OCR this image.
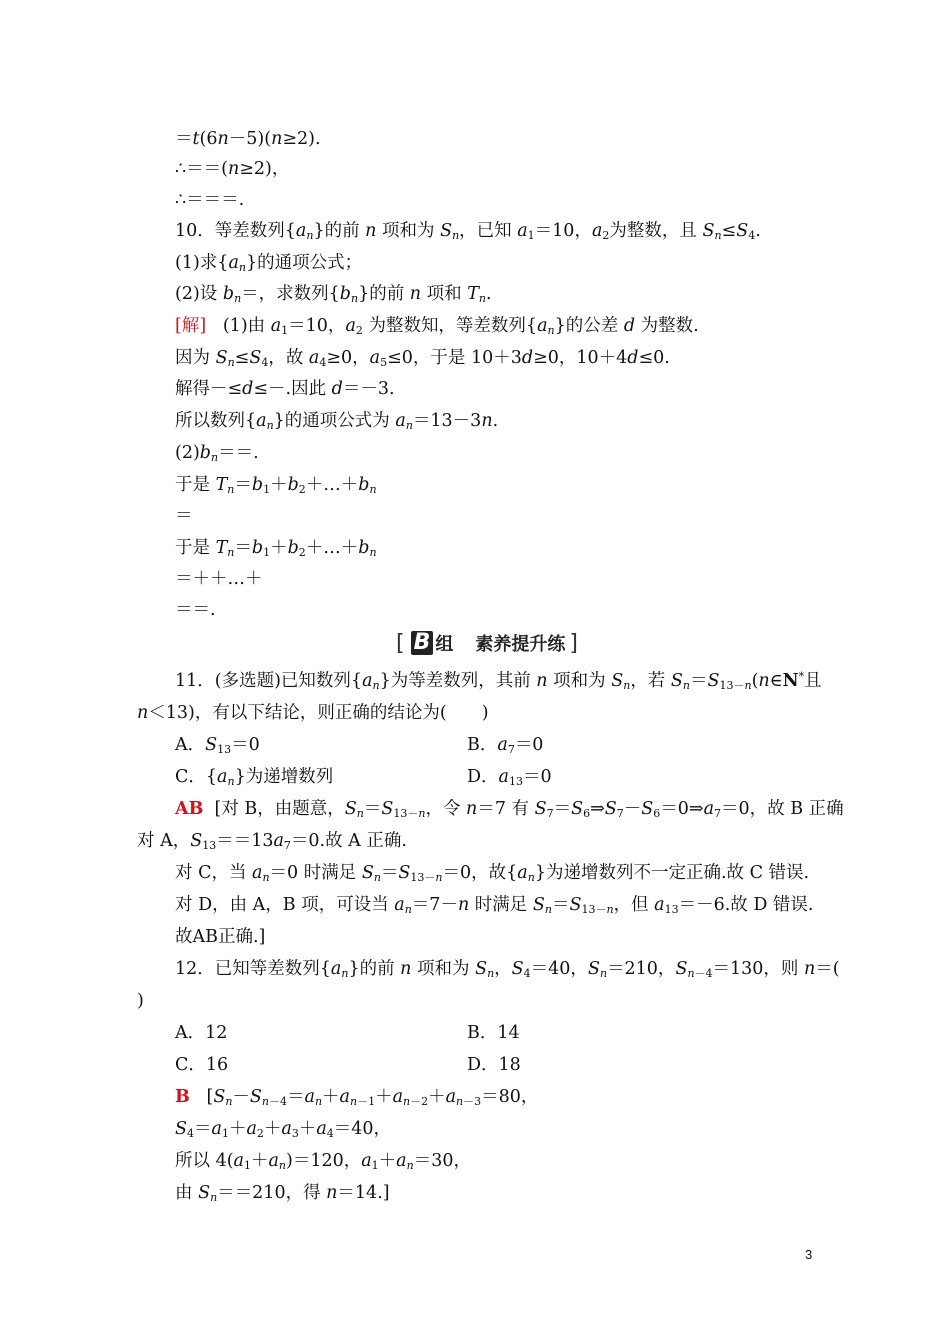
＝t(6n－5)(n≥2).
∴＝＝(n≥2)，
∴＝＝＝.
10．等差数列$\{a_n\}$的前 n 项和为 $S_n$，已知 $a_1=10$，$a_2$为整数，且 $S_n\le S_4$.
(1)求$\{a_n\}$的通项公式；
(2)设 $b_n=$，求数列$\{b_n\}$的前 n 项和 $T_n$.
[解]   (1)由 $a_1=10$，$a_2$ 为整数知，等差数列$\{a_n\}$的公差 d 为整数.
因为 $S_n\le S_4$，故 $a_4\ge 0$，$a_5\le 0$，于是 10＋3d≥0，10＋4d≤0.
解得－≤d≤－.因此 d＝－3.
所以数列$\{a_n\}$的通项公式为 $a_n=13-3n$.
$(2)b_n==$.
于是 $T_n=b_1+b_2+\dots+b_n$
＝
于是 $T_n=b_1+b_2+\dots+b_n$
＝＋＋…＋
＝＝.
[ B 组 素养提升练 ]
11．(多选题)已知数列$\{a_n\}$为等差数列，其前 n 项和为 $S_n$，若 $S_n=S_{13-n}(n\in N^*$且
n＜13)，有以下结论，则正确的结论为(　　)
A．$S_{13}=0$	B．$a_7=0$
C．$\{a_n\}$为递增数列	D．$a_{13}=0$
AB  [对 B，由题意，$S_n=S_{13-n}$，令 n＝7 有 $S_7=S_6\Rightarrow S_7-S_6=0\Rightarrow a_7=0$，故 B 正确
对 A，$S_{13}==13a_7=0$.故 A 正确.
对 C，当 $a_n=0$ 时满足 $S_n=S_{13-n}=0$，故$\{a_n\}$为递增数列不一定正确.故 C 错误.
对 D，由 A，B 项，可设当 $a_n=7-n$ 时满足 $S_n=S_{13-n}$，但 $a_{13}=-6$.故 D 错误.
故AB正确.]
12．已知等差数列$\{a_n\}$的前 n 项和为 $S_n$，$S_4=40$，$S_n=210$，$S_{n-4}=130$，则 n＝(
)
A．12	B．14
C．16	D．18
B   [$S_n-S_{n-4}=a_n+a_{n-1}+a_{n-2}+a_{n-3}=80$，
$S_4=a_1+a_2+a_3+a_4=40$，
所以 $4(a_1+a_n)=120$，$a_1+a_n=30$，
由 $S_n==210$，得 n＝14.]
3
